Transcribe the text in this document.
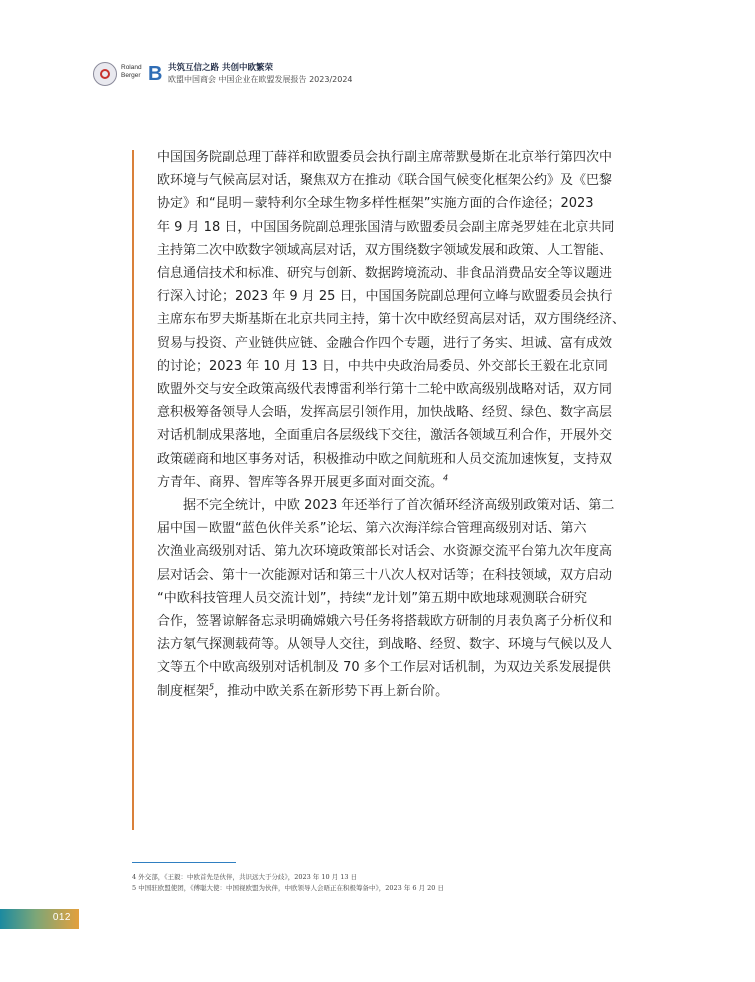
Roland
Berger B 共筑互信之路 共创中欧繁荣
欧盟中国商会 中国企业在欧盟发展报告 2023/2024

中国国务院副总理丁薛祥和欧盟委员会执行副主席蒂默曼斯在北京举行第四次中
欧环境与气候高层对话，聚焦双方在推动《联合国气候变化框架公约》及《巴黎
协定》和“昆明－蒙特利尔全球生物多样性框架”实施方面的合作途径；2023
年 9 月 18 日，中国国务院副总理张国清与欧盟委员会副主席尧罗娃在北京共同
主持第二次中欧数字领域高层对话，双方围绕数字领域发展和政策、人工智能、
信息通信技术和标准、研究与创新、数据跨境流动、非食品消费品安全等议题进
行深入讨论；2023 年 9 月 25 日，中国国务院副总理何立峰与欧盟委员会执行
主席东布罗夫斯基斯在北京共同主持，第十次中欧经贸高层对话，双方围绕经济、
贸易与投资、产业链供应链、金融合作四个专题，进行了务实、坦诚、富有成效
的讨论；2023 年 10 月 13 日，中共中央政治局委员、外交部长王毅在北京同
欧盟外交与安全政策高级代表博雷利举行第十二轮中欧高级别战略对话，双方同
意积极筹备领导人会晤，发挥高层引领作用，加快战略、经贸、绿色、数字高层
对话机制成果落地，全面重启各层级线下交往，激活各领域互利合作，开展外交
政策磋商和地区事务对话，积极推动中欧之间航班和人员交流加速恢复，支持双
方青年、商界、智库等各界开展更多面对面交流。$^4$

据不完全统计，中欧 2023 年还举行了首次循环经济高级别政策对话、第二
届中国－欧盟“蓝色伙伴关系”论坛、第六次海洋综合管理高级别对话、第六
次渔业高级别对话、第九次环境政策部长对话会、水资源交流平台第九次年度高
层对话会、第十一次能源对话和第三十八次人权对话等；在科技领域，双方启动
“中欧科技管理人员交流计划”，持续“龙计划”第五期中欧地球观测联合研究
合作，签署谅解备忘录明确嫦娥六号任务将搭载欧方研制的月表负离子分析仪和
法方氡气探测载荷等。从领导人交往，到战略、经贸、数字、环境与气候以及人
文等五个中欧高级别对话机制及 70 多个工作层对话机制，为双边关系发展提供
制度框架$^5$，推动中欧关系在新形势下再上新台阶。

4 外交部，《王毅：中欧首先是伙伴，共识远大于分歧》，2023 年 10 月 13 日
5 中国驻欧盟使团，《傅聪大使：中国视欧盟为伙伴，中欧领导人会晤正在积极筹备中》，2023 年 6 月 20 日
012
